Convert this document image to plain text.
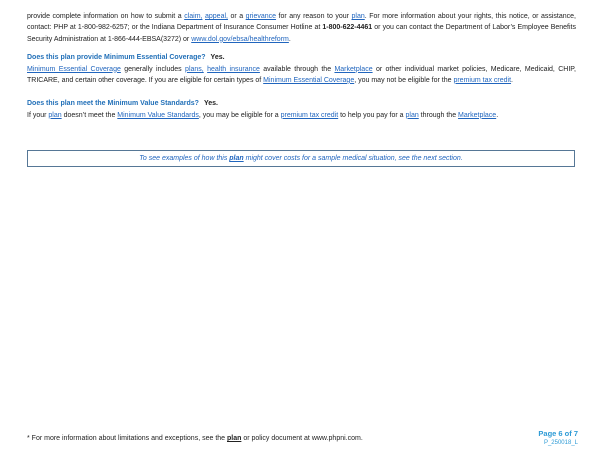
provide complete information on how to submit a claim, appeal, or a grievance for any reason to your plan. For more information about your rights, this notice, or assistance, contact: PHP at 1-800-982-6257; or the Indiana Department of Insurance Consumer Hotline at 1-800-622-4461 or you can contact the Department of Labor’s Employee Benefits Security Administration at 1-866-444-EBSA(3272) or www.dol.gov/ebsa/healthreform.

Does this plan provide Minimum Essential Coverage? Yes.

Minimum Essential Coverage generally includes plans, health insurance available through the Marketplace or other individual market policies, Medicare, Medicaid, CHIP, TRICARE, and certain other coverage. If you are eligible for certain types of Minimum Essential Coverage, you may not be eligible for the premium tax credit.

Does this plan meet the Minimum Value Standards? Yes.

If your plan doesn’t meet the Minimum Value Standards, you may be eligible for a premium tax credit to help you pay for a plan through the Marketplace.

To see examples of how this plan might cover costs for a sample medical situation, see the next section.

* For more information about limitations and exceptions, see the plan or policy document at www.phpni.com.

Page 6 of 7
P_250018_L
